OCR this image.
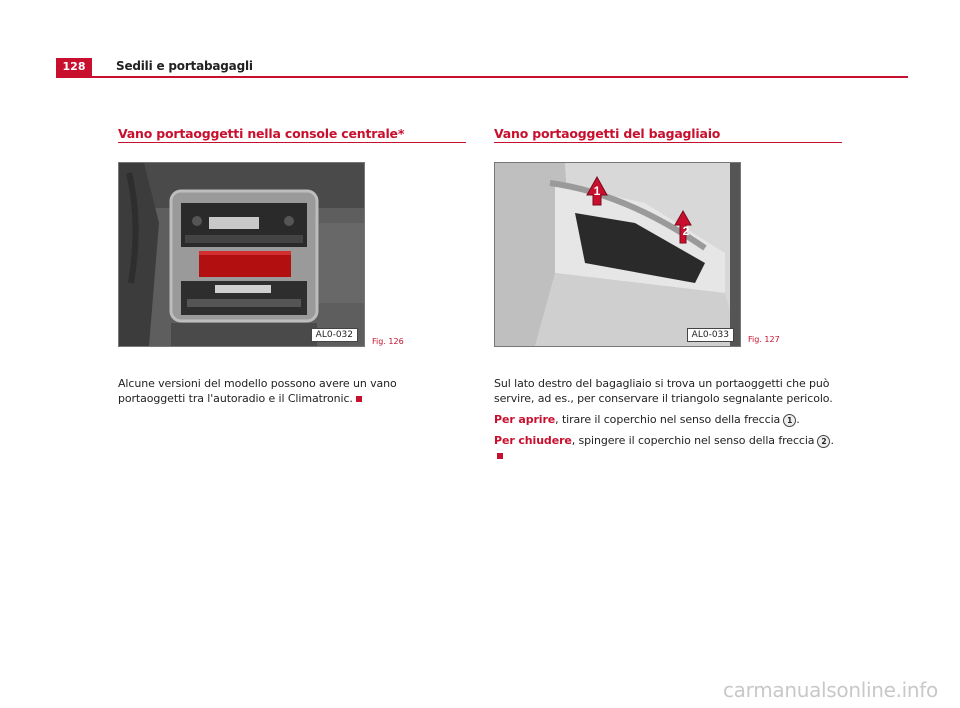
128	Sedili e portabagagli
Vano portaoggetti nella console centrale*
AL0-032
Fig. 126

Alcune versioni del modello possono avere un vano portaoggetti tra l'autoradio e il Climatronic.

Vano portaoggetti del bagagliaio
1
2
AL0-033	Fig. 127

Sul lato destro del bagagliaio si trova un portaoggetti che può servire, ad es., per conservare il triangolo segnalante pericolo.

Per aprire, tirare il coperchio nel senso della freccia 1 .

Per chiudere, spingere il coperchio nel senso della freccia 2 .

carmanualsonline.info
